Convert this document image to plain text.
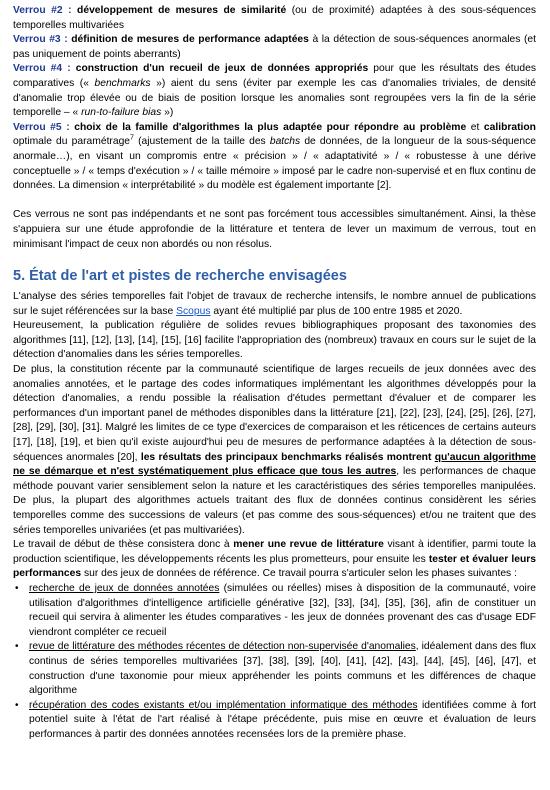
Verrou #2 : développement de mesures de similarité (ou de proximité) adaptées à des sous-séquences temporelles multivariées

Verrou #3 : définition de mesures de performance adaptées à la détection de sous-séquences anormales (et pas uniquement de points aberrants)

Verrou #4 : construction d'un recueil de jeux de données appropriés pour que les résultats des études comparatives (« benchmarks ») aient du sens (éviter par exemple les cas d'anomalies triviales, de densité d'anomalie trop élevée ou de biais de position lorsque les anomalies sont regroupées vers la fin de la série temporelle – « run-to-failure bias »)

Verrou #5 : choix de la famille d'algorithmes la plus adaptée pour répondre au problème et calibration optimale du paramétrage$^7$ (ajustement de la taille des batchs de données, de la longueur de la sous-séquence anormale…), en visant un compromis entre « précision » / « adaptativité » / « robustesse à une dérive conceptuelle » / « temps d'exécution » / « taille mémoire » imposé par le cadre non-supervisé et en flux continu de données. La dimension « interprétabilité » du modèle est également importante [2].

Ces verrous ne sont pas indépendants et ne sont pas forcément tous accessibles simultanément. Ainsi, la thèse s'appuiera sur une étude approfondie de la littérature et tentera de lever un maximum de verrous, tout en minimisant l'impact de ceux non abordés ou non résolus.

5. État de l'art et pistes de recherche envisagées

L'analyse des séries temporelles fait l'objet de travaux de recherche intensifs, le nombre annuel de publications sur le sujet référencées sur la base Scopus ayant été multiplié par plus de 100 entre 1985 et 2020.

Heureusement, la publication régulière de solides revues bibliographiques proposant des taxonomies des algorithmes [11], [12], [13], [14], [15], [16] facilite l'appropriation des (nombreux) travaux en cours sur le sujet de la détection d'anomalies dans les séries temporelles.

De plus, la constitution récente par la communauté scientifique de larges recueils de jeux données avec des anomalies annotées, et le partage des codes informatiques implémentant les algorithmes développés pour la détection d'anomalies, a rendu possible la réalisation d'études permettant d'évaluer et de comparer les performances d'un important panel de méthodes disponibles dans la littérature [21], [22], [23], [24], [25], [26], [27], [28], [29], [30], [31]. Malgré les limites de ce type d'exercices de comparaison et les réticences de certains auteurs [17], [18], [19], et bien qu'il existe aujourd'hui peu de mesures de performance adaptées à la détection de sous-séquences anormales [20], les résultats des principaux benchmarks réalisés montrent qu'aucun algorithme ne se démarque et n'est systématiquement plus efficace que tous les autres, les performances de chaque méthode pouvant varier sensiblement selon la nature et les caractéristiques des séries temporelles manipulées. De plus, la plupart des algorithmes actuels traitant des flux de données continus considèrent les séries temporelles comme des successions de valeurs (et pas comme des sous-séquences) et/ou ne traitent que des séries temporelles univariées (et pas multivariées).

Le travail de début de thèse consistera donc à mener une revue de littérature visant à identifier, parmi toute la production scientifique, les développements récents les plus prometteurs, pour ensuite les tester et évaluer leurs performances sur des jeux de données de référence. Ce travail pourra s'articuler selon les phases suivantes :

• recherche de jeux de données annotées (simulées ou réelles) mises à disposition de la communauté, voire utilisation d'algorithmes d'intelligence artificielle générative [32], [33], [34], [35], [36], afin de constituer un recueil qui servira à alimenter les études comparatives - les jeux de données provenant des cas d'usage EDF viendront compléter ce recueil
• revue de littérature des méthodes récentes de détection non-supervisée d'anomalies, idéalement dans des flux continus de séries temporelles multivariées [37], [38], [39], [40], [41], [42], [43], [44], [45], [46], [47], et construction d'une taxonomie pour mieux appréhender les points communs et les différences de chaque algorithme
• récupération des codes existants et/ou implémentation informatique des méthodes identifiées comme à fort potentiel suite à l'état de l'art réalisé à l'étape précédente, puis mise en œuvre et évaluation de leurs performances à partir des données annotées recensées lors de la première phase.
